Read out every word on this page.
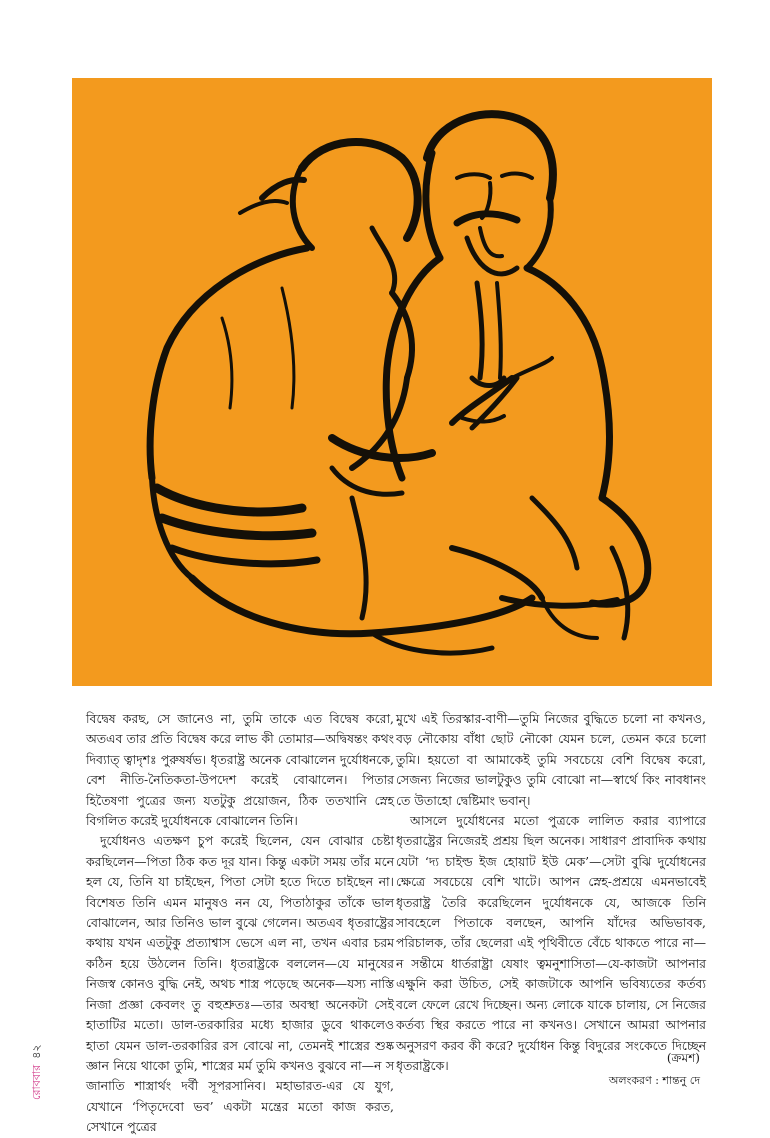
বিদ্বেষ করছ, সে জানেও না, তুমি তাকে এত বিদ্বেষ করো, অতএব তার প্রতি বিদ্বেষ করে লাভ কী তোমার—অদ্বিষন্তং কথং দিব্যাত্ ত্বাদৃশঃ পুরুষর্ষভ। ধৃতরাষ্ট্র অনেক বোঝালেন দুর্যোধনকে, বেশ নীতি-নৈতিকতা-উপদেশ করেই বোঝালেন। পিতার হিতৈষণা পুত্রের জন্য যতটুকু প্রয়োজন, ঠিক ততখানি স্নেহ বিগলিত করেই দুর্যোধনকে বোঝালেন তিনি।

দুর্যোধনও এতক্ষণ চুপ করেই ছিলেন, যেন বোঝার চেষ্টা করছিলেন—পিতা ঠিক কত দূর যান। কিন্তু একটা সময় তাঁর মনে হল যে, তিনি যা চাইছেন, পিতা সেটা হতে দিতে চাইছেন না। বিশেষত তিনি এমন মানুষও নন যে, পিতাঠাকুর তাঁকে ভাল বোঝালেন, আর তিনিও ভাল বুঝে গেলেন। অতএব ধৃতরাষ্ট্রের কথায় যখন এতটুকু প্রত্যাশ্বাস ভেসে এল না, তখন এবার চরম কঠিন হয়ে উঠলেন তিনি। ধৃতরাষ্ট্রকে বললেন—যে মানুষের নিজস্ব কোনও বুদ্ধি নেই, অথচ শাস্ত্র পড়েছে অনেক—যস্য নাস্তি নিজা প্রজ্ঞা কেবলং তু বহুশ্রুতঃ—তার অবস্থা অনেকটা সেই হাতাটির মতো। ডাল-তরকারির মধ্যে হাজার ডুবে থাকলেও হাতা যেমন ডাল-তরকারির রস বোঝে না, তেমনই শাস্ত্রের শুষ্ক জ্ঞান নিয়ে থাকো তুমি, শাস্ত্রের মর্ম তুমি কখনও বুঝবে না—ন স জানাতি শাস্ত্রার্থং দর্বী সূপরসানিব। মহাভারত-এর যে যুগ, যেখানে ‘পিতৃদেবো ভব’ একটা মন্ত্রের মতো কাজ করত, সেখানে পুত্রের

মুখে এই তিরস্কার-বাণী—তুমি নিজের বুদ্ধিতে চলো না কখনও, বড় নৌকোয় বাঁধা ছোট নৌকো যেমন চলে, তেমন করে চলো তুমি। হয়তো বা আমাকেই তুমি সবচেয়ে বেশি বিদ্বেষ করো, সেজন্য নিজের ভালটুকুও তুমি বোঝো না—স্বার্থে কিং নাবধানং তে উতাহো দ্বেষ্টিমাং ভবান্।

আসলে দুর্যোধনের মতো পুত্রকে লালিত করার ব্যাপারে ধৃতরাষ্ট্রের নিজেরই প্রশ্রয় ছিল অনেক। সাধারণ প্রাবাদিক কথায় যেটা ‘দ্য চাইল্ড ইজ হোয়াট ইউ মেক’—সেটা বুঝি দুর্যোধনের ক্ষেত্রে সবচেয়ে বেশি খাটে। আপন স্নেহ-প্রশ্রয়ে এমনভাবেই ধৃতরাষ্ট্র তৈরি করেছিলেন দুর্যোধনকে যে, আজকে তিনি সাবহেলে পিতাকে বলছেন, আপনি যাঁদের অভিভাবক, পরিচালক, তাঁর ছেলেরা এই পৃথিবীতে বেঁচে থাকতে পারে না—ন সন্তীমে ধার্তরাষ্ট্রা যেষাং ত্বমনুশাসিতা—যে-কাজটা আপনার এক্ষুনি করা উচিত, সেই কাজটাকে আপনি ভবিষ্যতের কর্তব্য বলে ফেলে রেখে দিচ্ছেন। অন্য লোকে যাকে চালায়, সে নিজের কর্তব্য স্থির করতে পারে না কখনও। সেখানে আমরা আপনার অনুসরণ করব কী করে? দুর্যোধন কিন্তু বিদুরের সংকেতে দিচ্ছেন ধৃতরাষ্ট্রকে।	(ক্রমশ)
অলংকরণ : শান্তনু দে
রোববার৪২
